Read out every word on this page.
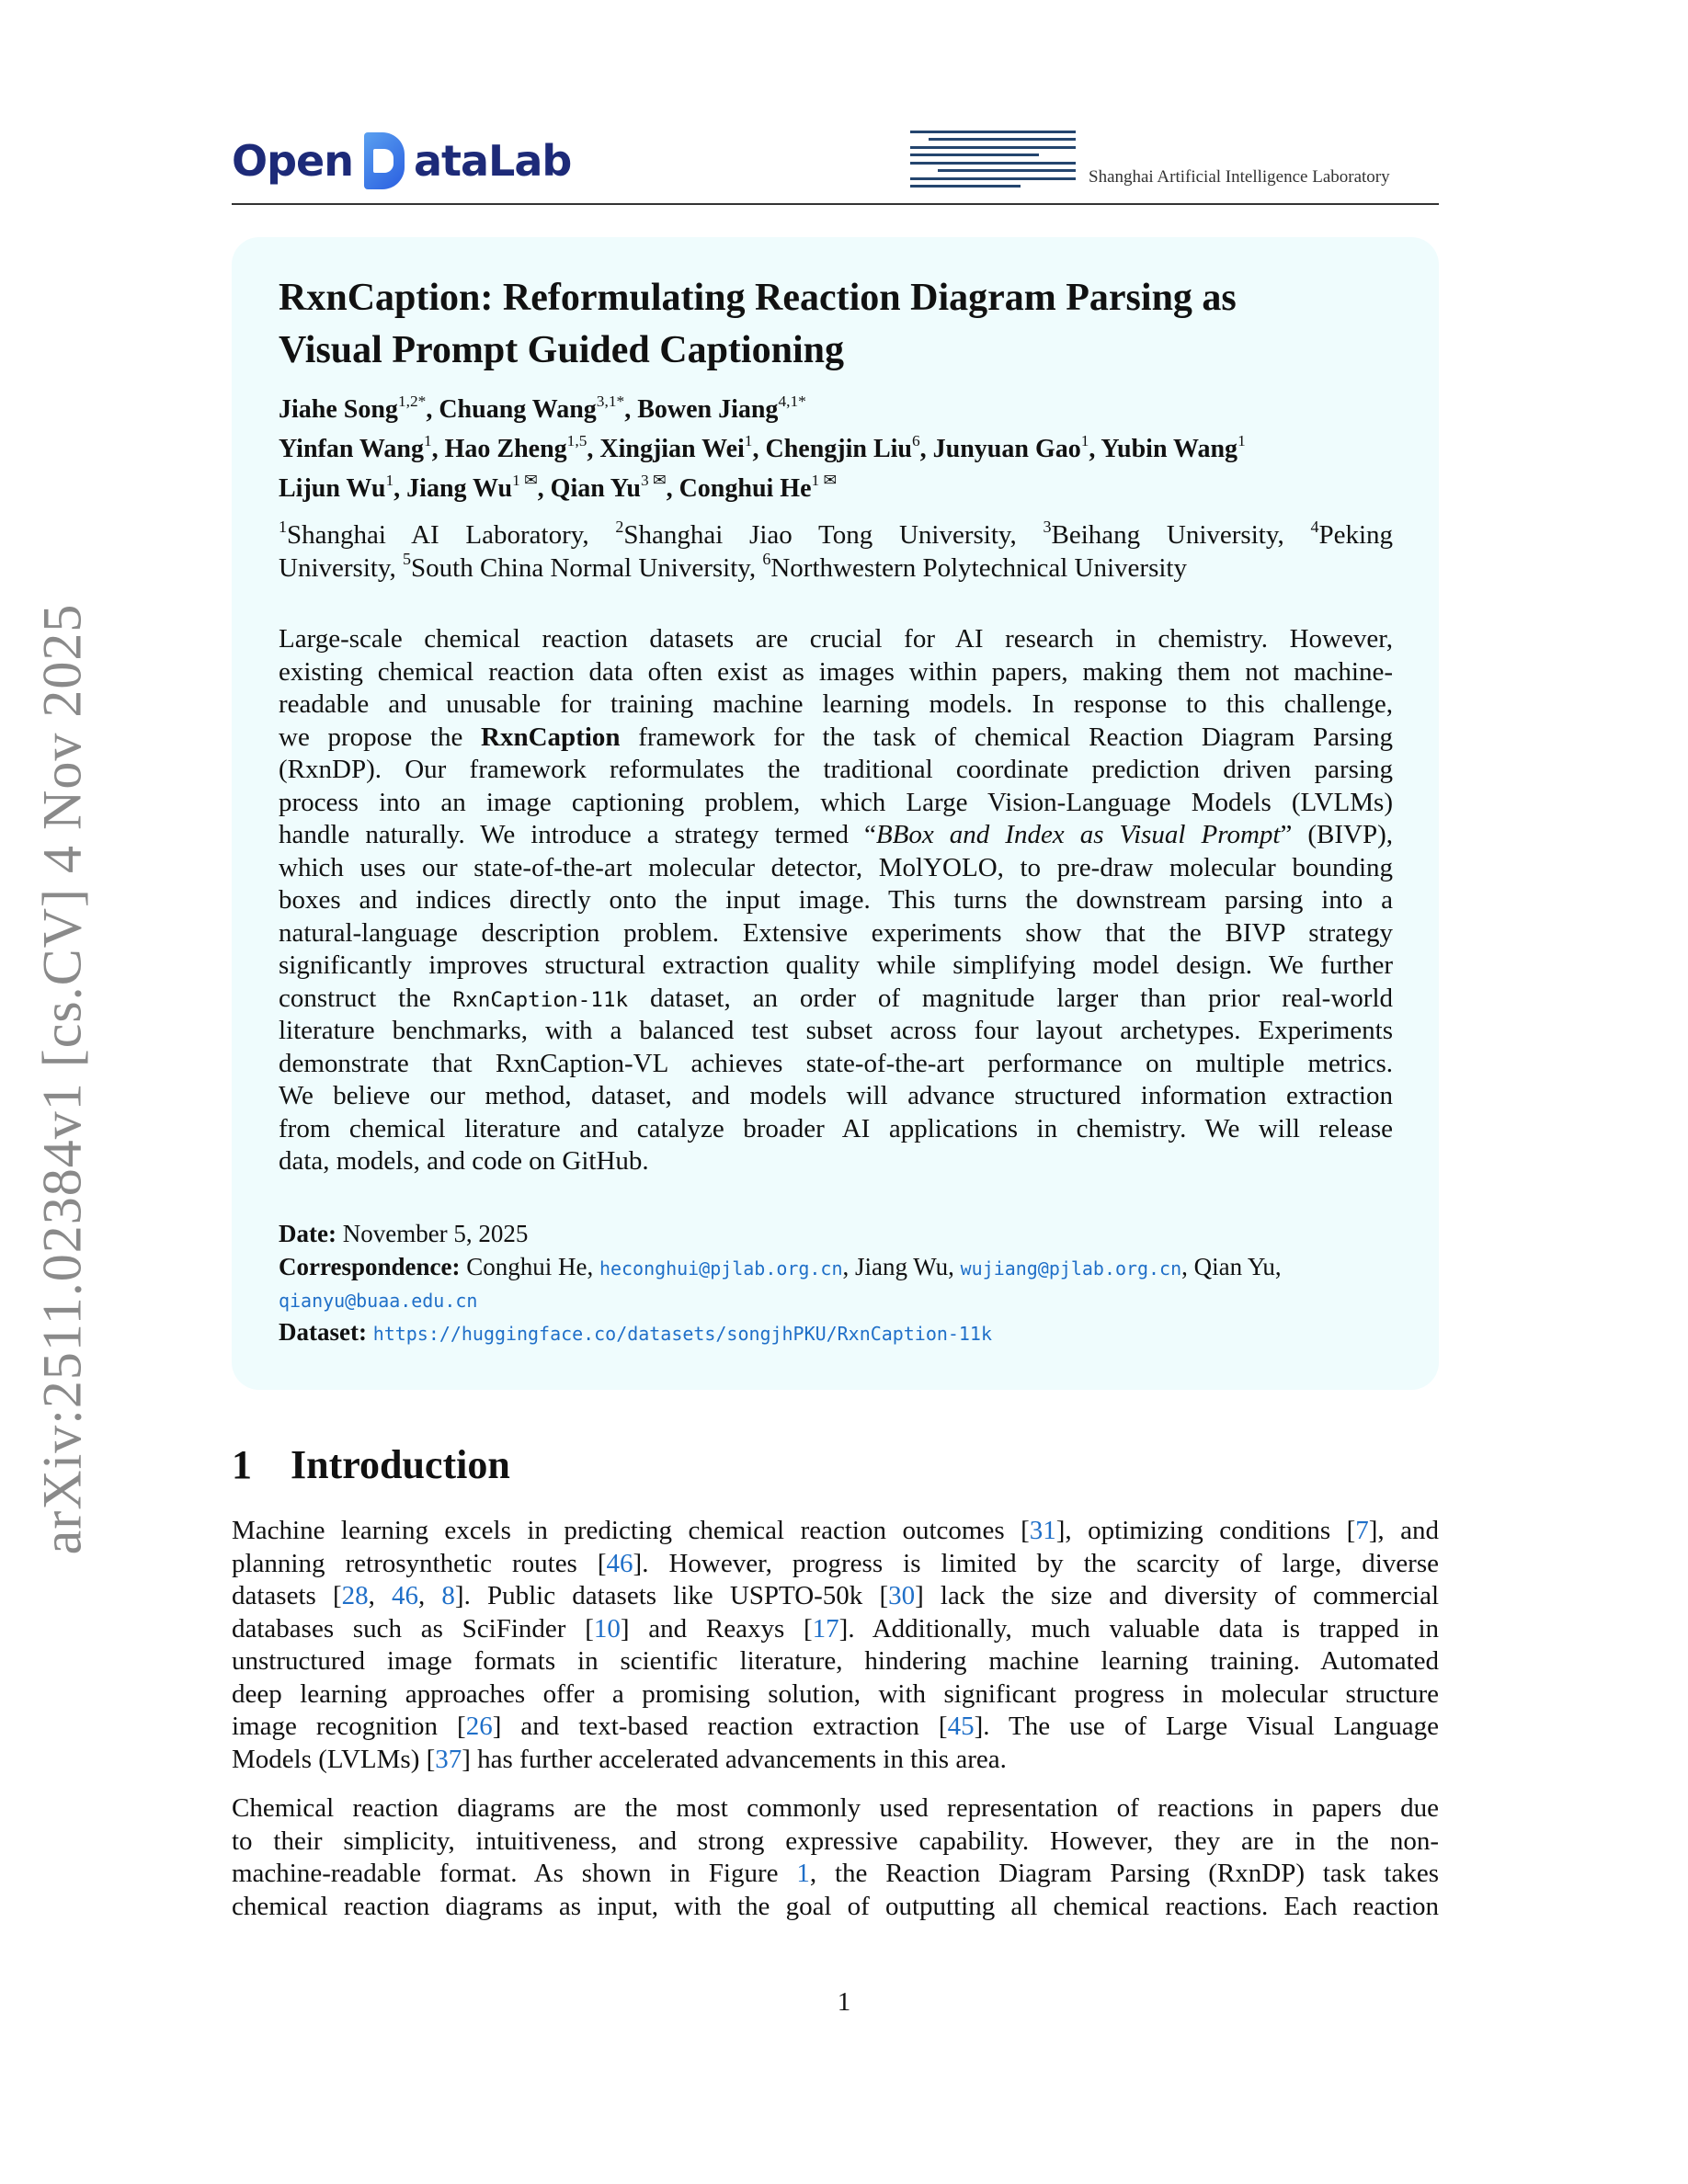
Open ataLab	Shanghai Artificial Intelligence Laboratory
arXiv:2511.02384v1 [cs.CV] 4 Nov 2025
RxnCaption: Reformulating Reaction Diagram Parsing as
Visual Prompt Guided Captioning
Jiahe Song$^{1,2*}$, Chuang Wang$^{3,1*}$, Bowen Jiang$^{4,1*}$
Yinfan Wang$^1$, Hao Zheng$^{1,5}$, Xingjian Wei$^1$, Chengjin Liu$^6$, Junyuan Gao$^1$, Yubin Wang$^1$
Lijun Wu$^1$, Jiang $Wu^{1 ✉}$, Qian $Yu^{3 ✉}$, Conghui $He^{1 ✉}$
$^1$Shanghai AI Laboratory, $^2$Shanghai Jiao Tong University, $^3$Beihang University, $^4$Peking
University, $^5$South China Normal University, $^6$Northwestern Polytechnical University
Large-scale chemical reaction datasets are crucial for AI research in chemistry. However,
existing chemical reaction data often exist as images within papers, making them not machine-
readable and unusable for training machine learning models. In response to this challenge,
we propose the RxnCaption framework for the task of chemical Reaction Diagram Parsing
(RxnDP). Our framework reformulates the traditional coordinate prediction driven parsing
process into an image captioning problem, which Large Vision-Language Models (LVLMs)
handle naturally. We introduce a strategy termed “BBox and Index as Visual Prompt” (BIVP),
which uses our state-of-the-art molecular detector, MolYOLO, to pre-draw molecular bounding
boxes and indices directly onto the input image. This turns the downstream parsing into a
natural-language description problem. Extensive experiments show that the BIVP strategy
significantly improves structural extraction quality while simplifying model design. We further
construct the RxnCaption-11k dataset, an order of magnitude larger than prior real-world
literature benchmarks, with a balanced test subset across four layout archetypes. Experiments
demonstrate that RxnCaption-VL achieves state-of-the-art performance on multiple metrics.
We believe our method, dataset, and models will advance structured information extraction
from chemical literature and catalyze broader AI applications in chemistry. We will release
data, models, and code on GitHub.
Date: November 5, 2025
Correspondence: Conghui He, heconghui@pjlab.org.cn, Jiang Wu, wujiang@pjlab.org.cn, Qian Yu,
qianyu@buaa.edu.cn
Dataset: https://huggingface.co/datasets/songjhPKU/RxnCaption-11k
1 Introduction
Machine learning excels in predicting chemical reaction outcomes [31], optimizing conditions [7], and
planning retrosynthetic routes [46]. However, progress is limited by the scarcity of large, diverse
datasets [28, 46, 8]. Public datasets like USPTO-50k [30] lack the size and diversity of commercial
databases such as SciFinder [10] and Reaxys [17]. Additionally, much valuable data is trapped in
unstructured image formats in scientific literature, hindering machine learning training. Automated
deep learning approaches offer a promising solution, with significant progress in molecular structure
image recognition [26] and text-based reaction extraction [45]. The use of Large Visual Language
Models (LVLMs) [37] has further accelerated advancements in this area.
Chemical reaction diagrams are the most commonly used representation of reactions in papers due
to their simplicity, intuitiveness, and strong expressive capability. However, they are in the non-
machine-readable format. As shown in Figure 1, the Reaction Diagram Parsing (RxnDP) task takes
chemical reaction diagrams as input, with the goal of outputting all chemical reactions. Each reaction
1
